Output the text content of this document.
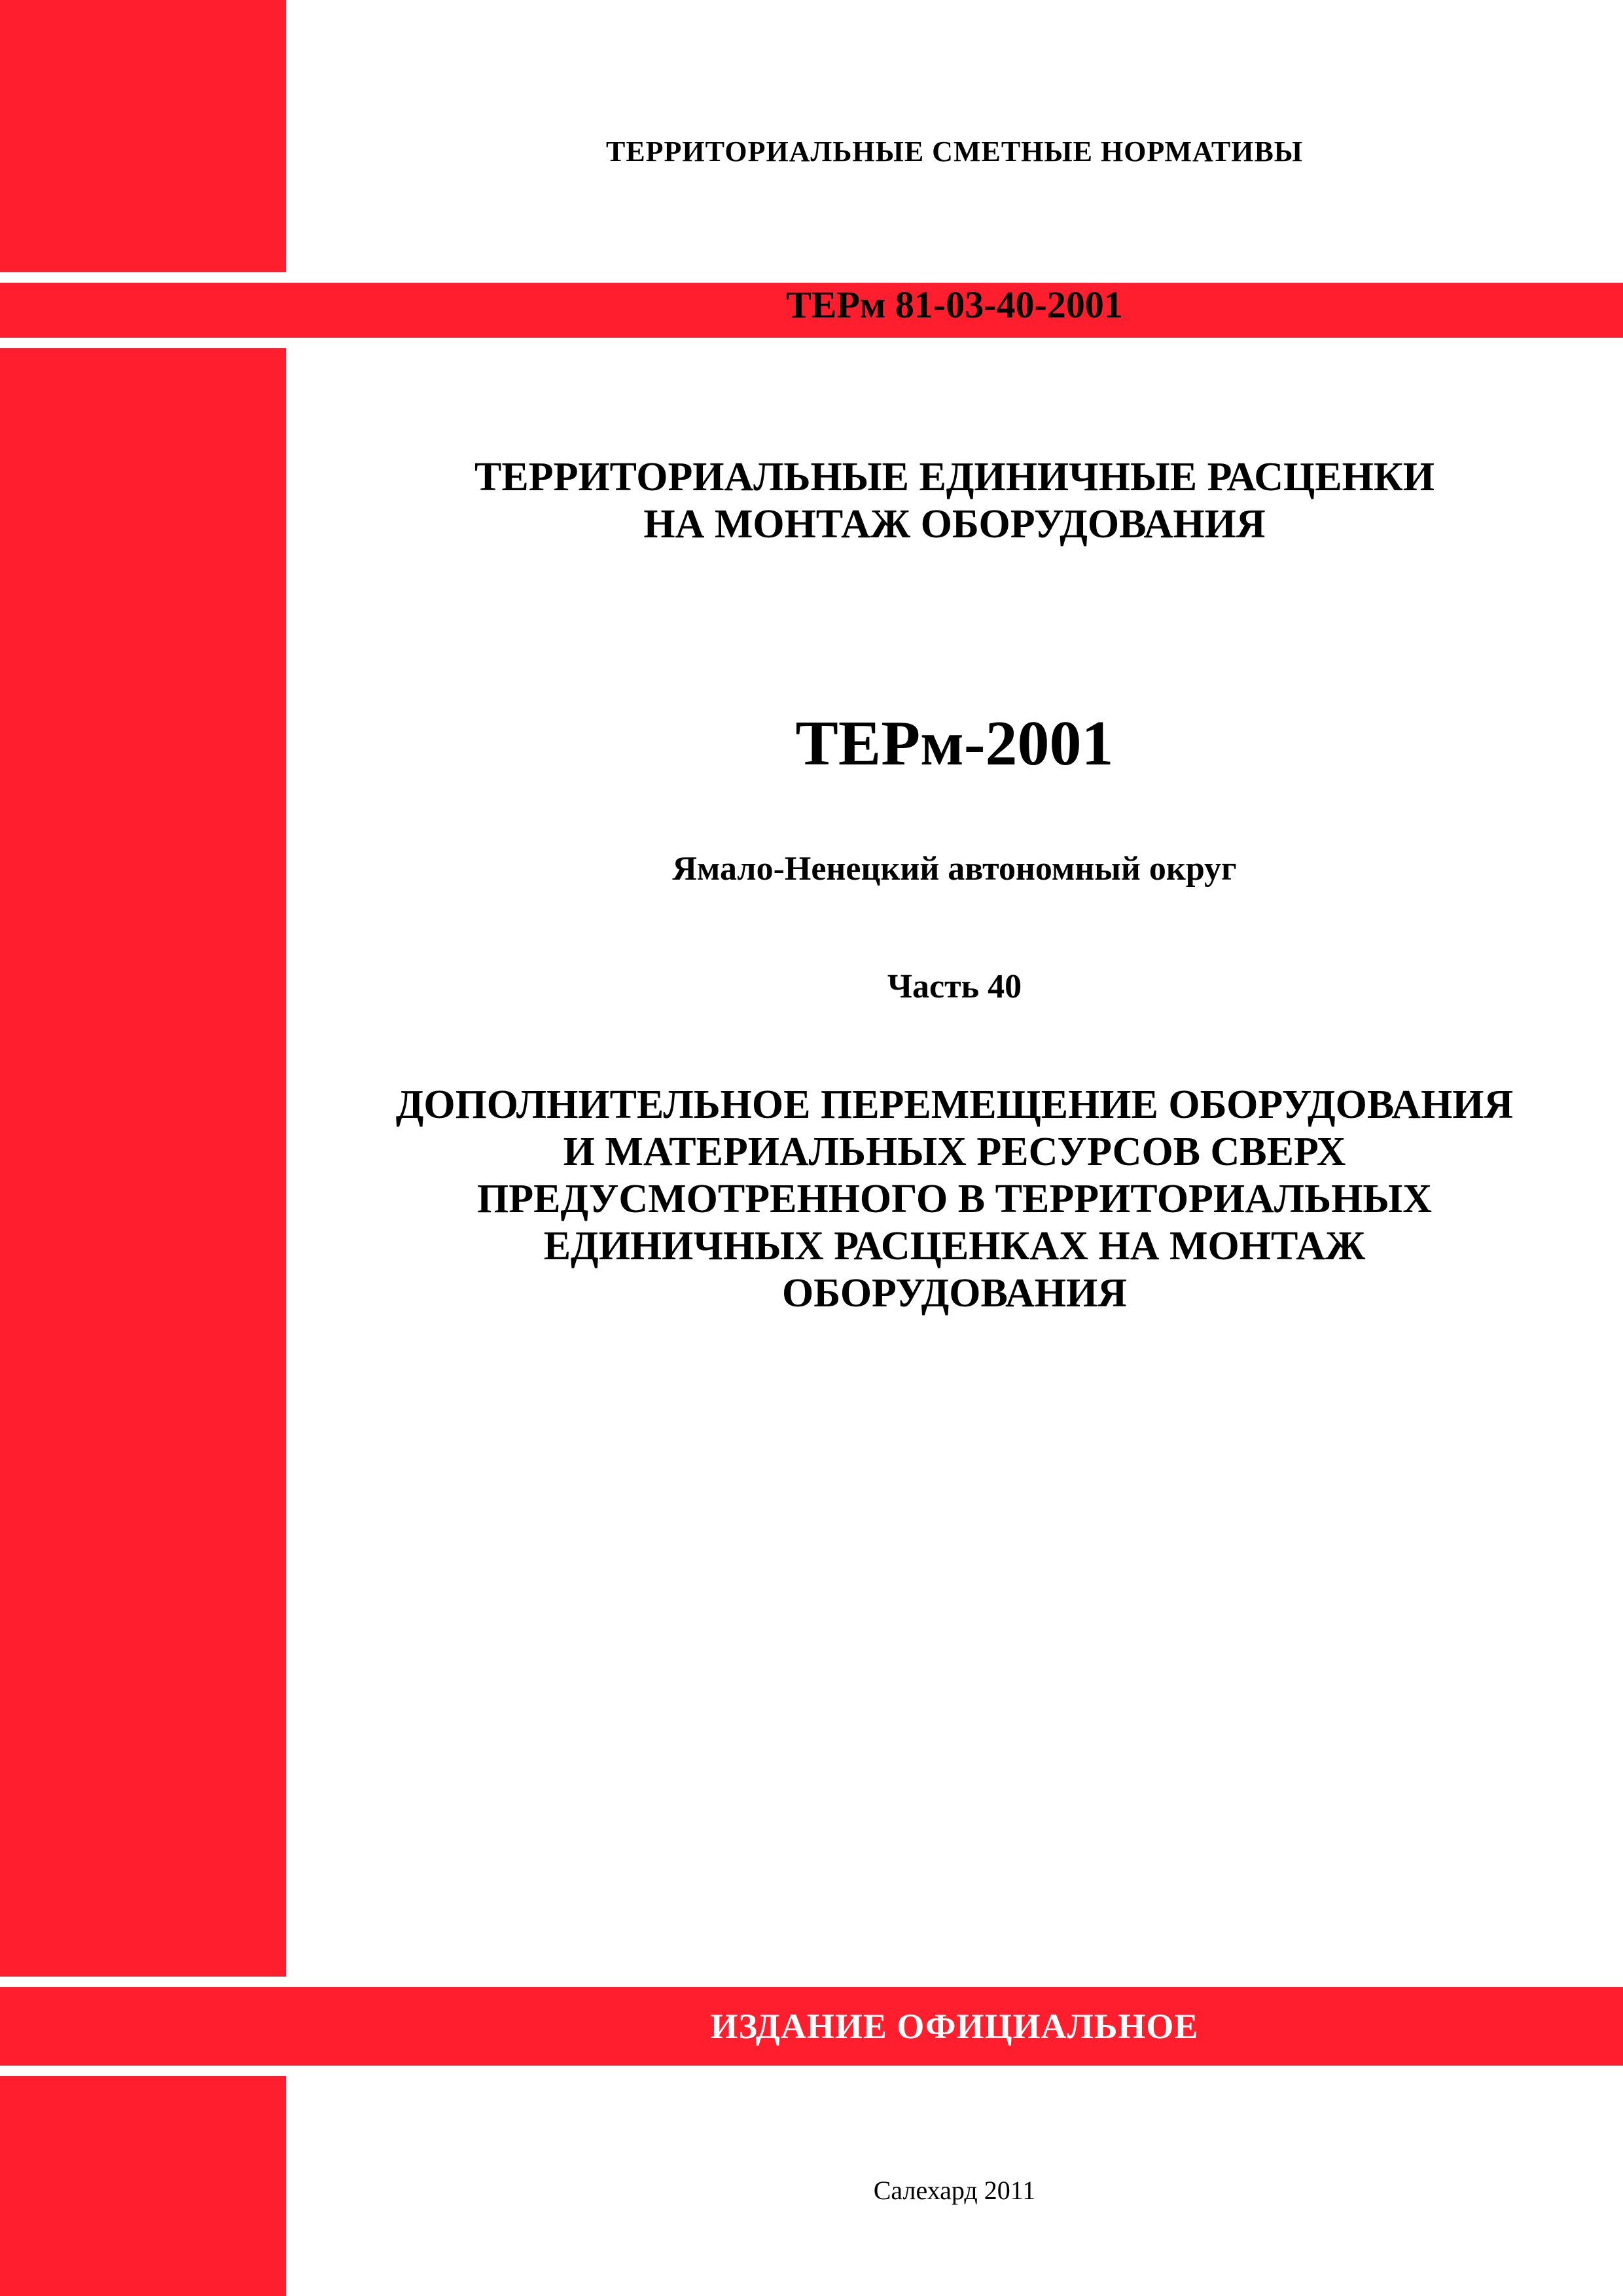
ТЕРРИТОРИАЛЬНЫЕ СМЕТНЫЕ НОРМАТИВЫ

ТЕРм 81-03-40-2001

ТЕРРИТОРИАЛЬНЫЕ ЕДИНИЧНЫЕ РАСЦЕНКИ
НА МОНТАЖ ОБОРУДОВАНИЯ

ТЕРм-2001

Ямало-Ненецкий автономный округ

Часть 40

ДОПОЛНИТЕЛЬНОЕ ПЕРЕМЕЩЕНИЕ ОБОРУДОВАНИЯ
И МАТЕРИАЛЬНЫХ РЕСУРСОВ СВЕРХ
ПРЕДУСМОТРЕННОГО В ТЕРРИТОРИАЛЬНЫХ
ЕДИНИЧНЫХ РАСЦЕНКАХ НА МОНТАЖ
ОБОРУДОВАНИЯ

ИЗДАНИЕ ОФИЦИАЛЬНОЕ

Салехард 2011
